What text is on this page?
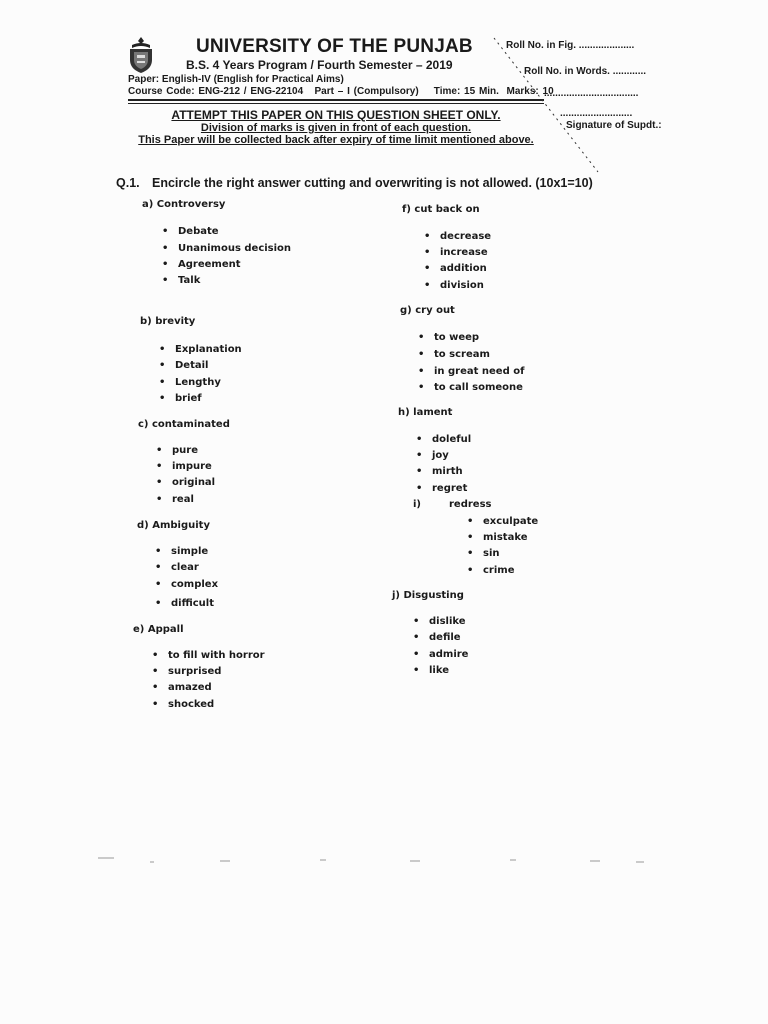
UNIVERSITY OF THE PUNJAB
B.S. 4 Years Program / Fourth Semester – 2019
Paper: English-IV (English for Practical Aims)
Course Code: ENG-212 / ENG-22104 Part – I (Compulsory) Time: 15 Min. Marks: 10
Roll No. in Fig. ....................
Roll No. in Words. ............
..................................
..........................
Signature of Supdt.:
ATTEMPT THIS PAPER ON THIS QUESTION SHEET ONLY.
Division of marks is given in front of each question.
This Paper will be collected back after expiry of time limit mentioned above.
Q.1. Encircle the right answer cutting and overwriting is not allowed. (10x1=10)
a) Controversy
• Debate
• Unanimous decision
• Agreement
• Talk
b) brevity
• Explanation
• Detail
• Lengthy
• brief
c) contaminated
• pure
• impure
• original
• real
d) Ambiguity
• simple
• clear
• complex
• difficult
e) Appall
• to fill with horror
• surprised
• amazed
• shocked
f) cut back on
• decrease
• increase
• addition
• division
g) cry out
• to weep
• to scream
• in great need of
• to call someone
h) lament
• doleful
• joy
• mirth
• regret
i)	redress
• exculpate
• mistake
• sin
• crime
j) Disgusting
• dislike
• defile
• admire
• like
